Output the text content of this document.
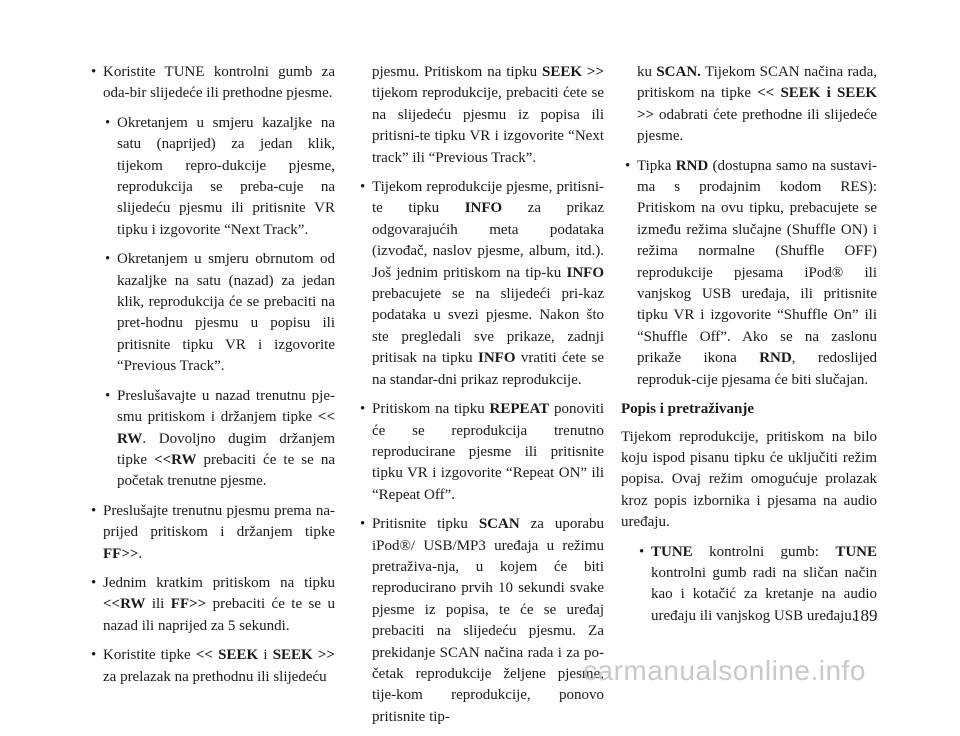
• Koristite TUNE kontrolni gumb za oda-bir slijedeće ili prethodne pjesme.

• Okretanjem u smjeru kazaljke na satu (naprijed) za jedan klik, tijekom repro-dukcije pjesme, reprodukcija se preba-cuje na slijedeću pjesmu ili pritisnite VR tipku i izgovorite “Next Track”.

• Okretanjem u smjeru obrnutom od kazaljke na satu (nazad) za jedan klik, reprodukcija će se prebaciti na pret-hodnu pjesmu u popisu ili pritisnite tipku VR i izgovorite “Previous Track”.

• Preslušavajte u nazad trenutnu pje-smu pritiskom i držanjem tipke << RW. Dovoljno dugim držanjem tipke <<RW prebaciti će te se na početak trenutne pjesme.

• Preslušajte trenutnu pjesmu prema na-prijed pritiskom i držanjem tipke FF>>.

• Jednim kratkim pritiskom na tipku <<RW ili FF>> prebaciti će te se u nazad ili naprijed za 5 sekundi.

• Koristite tipke << SEEK i SEEK >> za prelazak na prethodnu ili slijedeću

pjesmu. Pritiskom na tipku SEEK >> tijekom reprodukcije, prebaciti ćete se na slijedeću pjesmu iz popisa ili pritisni-te tipku VR i izgovorite “Next track” ili “Previous Track”.

• Tijekom reprodukcije pjesme, pritisni-te tipku INFO za prikaz odgovarajućih meta podataka (izvođač, naslov pjesme, album, itd.). Još jednim pritiskom na tip-ku INFO prebacujete se na slijedeći pri-kaz podataka u svezi pjesme. Nakon što ste pregledali sve prikaze, zadnji pritisak na tipku INFO vratiti ćete se na standar-dni prikaz reprodukcije.

• Pritiskom na tipku REPEAT ponoviti će se reprodukcija trenutno reproducirane pjesme ili pritisnite tipku VR i izgovorite “Repeat ON” ili “Repeat Off”.

• Pritisnite tipku SCAN za uporabu iPod®/ USB/MP3 uređaja u režimu pretraživa-nja, u kojem će biti reproducirano prvih 10 sekundi svake pjesme iz popisa, te će se uređaj prebaciti na slijedeću pjesmu. Za prekidanje SCAN načina rada i za po-četak reprodukcije željene pjesme, tije-kom reprodukcije, ponovo pritisnite tip-

ku SCAN. Tijekom SCAN načina rada, pritiskom na tipke << SEEK i SEEK >> odabrati ćete prethodne ili slijedeće pjesme.

• Tipka RND (dostupna samo na sustavi-ma s prodajnim kodom RES): Pritiskom na ovu tipku, prebacujete se između režima slučajne (Shuffle ON) i režima normalne (Shuffle OFF) reprodukcije pjesama iPod® ili vanjskog USB uređaja, ili pritisnite tipku VR i izgovorite “Shuffle On” ili “Shuffle Off”. Ako se na zaslonu prikaže ikona RND, redoslijed reproduk-cije pjesama će biti slučajan.

Popis i pretraživanje

Tijekom reprodukcije, pritiskom na bilo koju ispod pisanu tipku će uključiti režim popisa. Ovaj režim omogućuje prolazak kroz popis izbornika i pjesama na audio uređaju.

• TUNE kontrolni gumb: TUNE kontrolni gumb radi na sličan način kao i kotačić za kretanje na audio uređaju ili vanjskog USB uređaju.

189
carmanualsonline.info
